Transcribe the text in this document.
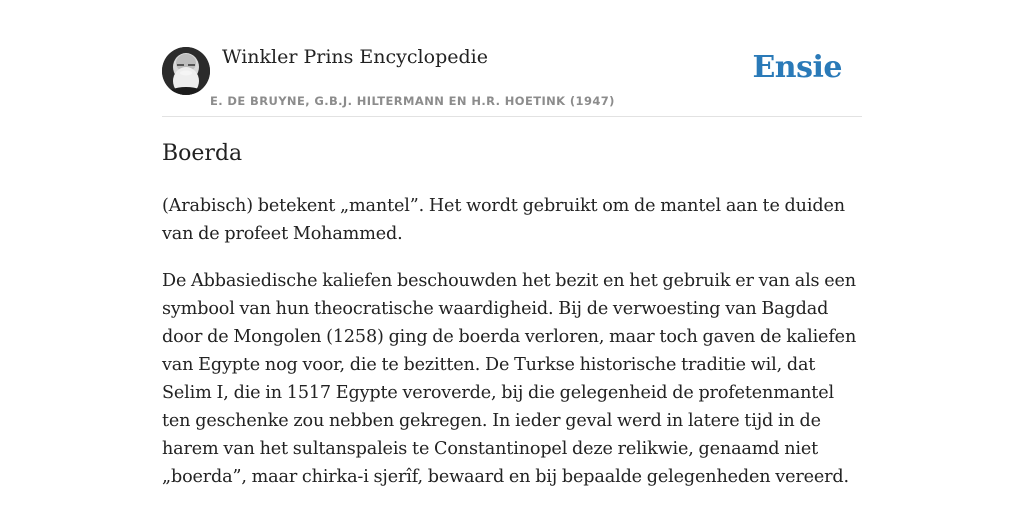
Winkler Prins Encyclopedie
E. DE BRUYNE, G.B.J. HILTERMANN EN H.R. HOETINK (1947)
Ensie
Boerda

(Arabisch) betekent „mantel”. Het wordt gebruikt om de mantel aan te duiden van de profeet Mohammed.

De Abbasiedische kaliefen beschouwden het bezit en het gebruik er van als een symbool van hun theocratische waardigheid. Bij de verwoesting van Bagdad door de Mongolen (1258) ging de boerda verloren, maar toch gaven de kaliefen van Egypte nog voor, die te bezitten. De Turkse historische traditie wil, dat Selim I, die in 1517 Egypte veroverde, bij die gelegenheid de profetenmantel ten geschenke zou nebben gekregen. In ieder geval werd in latere tijd in de harem van het sultanspaleis te Constantinopel deze relikwie, genaamd niet „boerda”, maar chirka-i sjerîf, bewaard en bij bepaalde gelegenheden vereerd.
